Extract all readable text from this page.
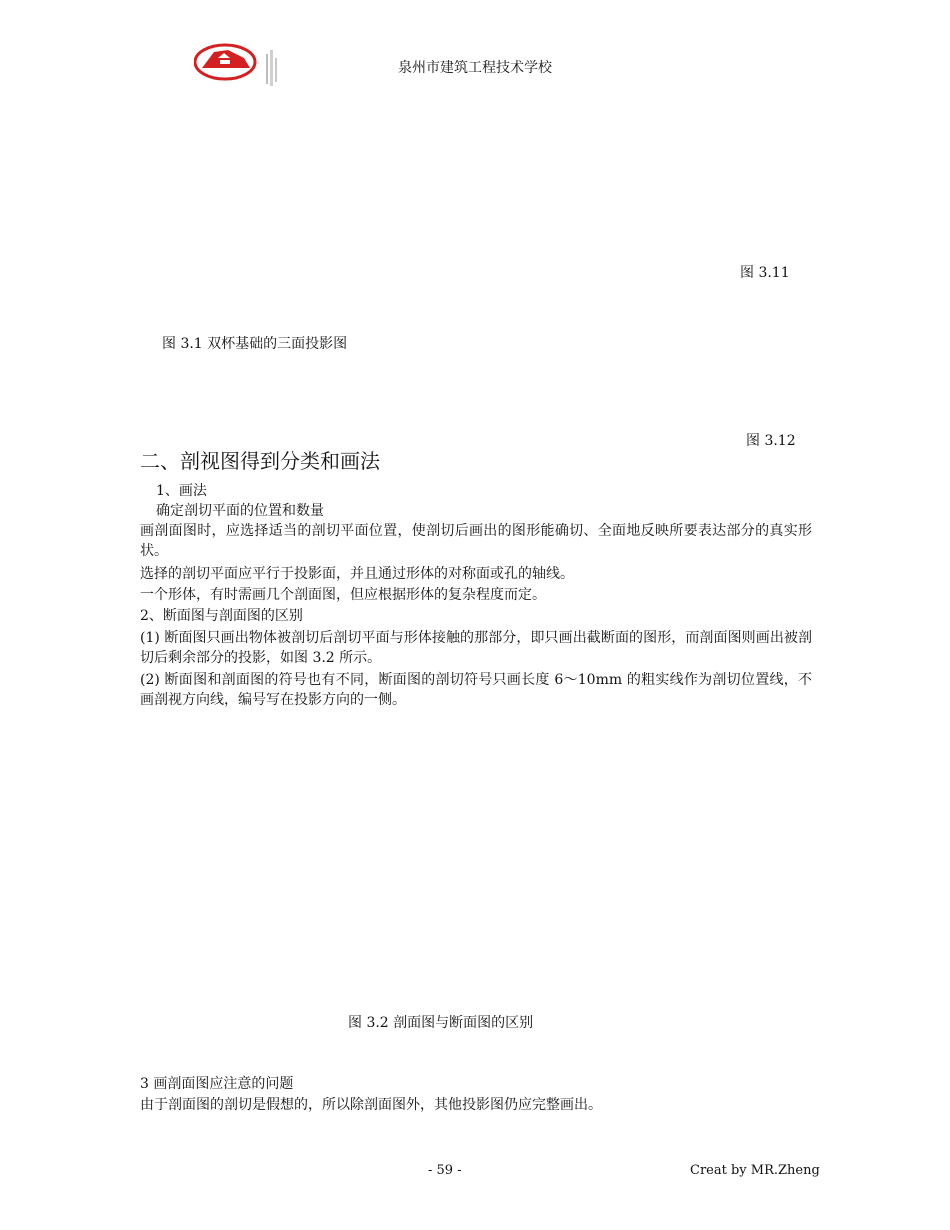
泉州市建筑工程技术学校
图 3.11
图 3.1 双杯基础的三面投影图
图 3.12
二、剖视图得到分类和画法
1、画法
确定剖切平面的位置和数量
画剖面图时，应选择适当的剖切平面位置，使剖切后画出的图形能确切、全面地反映所要表达部分的真实形状。
选择的剖切平面应平行于投影面，并且通过形体的对称面或孔的轴线。
一个形体，有时需画几个剖面图，但应根据形体的复杂程度而定。
2、断面图与剖面图的区别
(1) 断面图只画出物体被剖切后剖切平面与形体接触的那部分，即只画出截断面的图形，而剖面图则画出被剖切后剩余部分的投影，如图 3.2 所示。
(2) 断面图和剖面图的符号也有不同，断面图的剖切符号只画长度 6～10mm 的粗实线作为剖切位置线，不画剖视方向线，编号写在投影方向的一侧。
图 3.2 剖面图与断面图的区别
3 画剖面图应注意的问题
由于剖面图的剖切是假想的，所以除剖面图外，其他投影图仍应完整画出。
- 59 -	Creat by MR.Zheng
